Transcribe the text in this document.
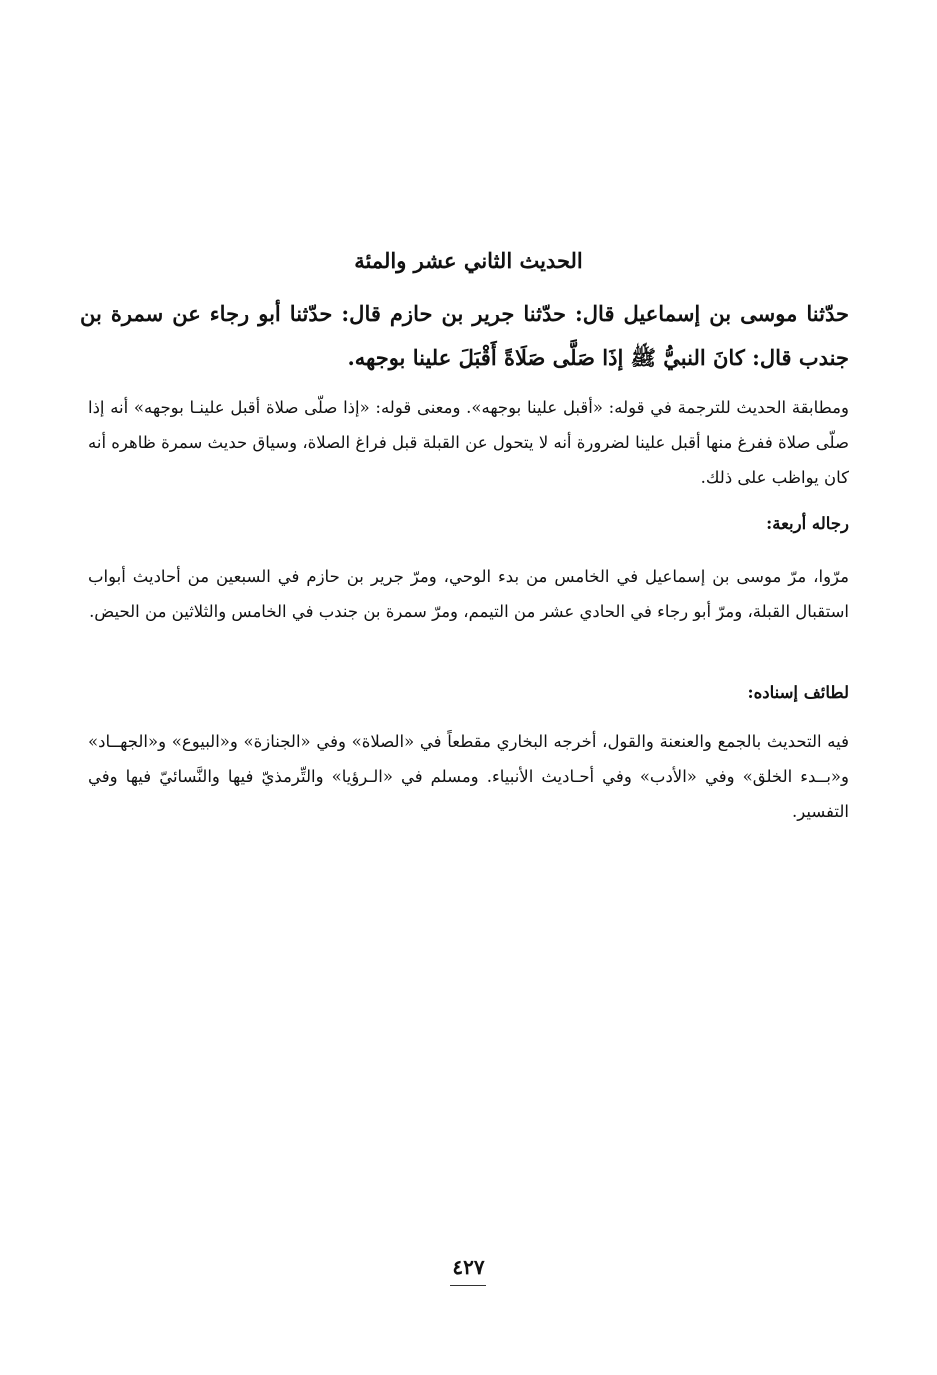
الحديث الثاني عشر والمئة

حدّثنا موسى بن إسماعيل قال: حدّثنا جرير بن حازم قال: حدّثنا أبو رجاء عن سمرة بن جندب قال: كانَ النبيُّ ﷺ إذَا صَلَّى صَلَاةً أَقْبَلَ علينا بوجهه.

ومطابقة الحديث للترجمة في قوله: «أقبل علينا بوجهه». ومعنى قوله: «إذا صلّى صلاة أقبل علينـا بوجهه» أنه إذا صلّى صلاة ففرغ منها أقبل علينا لضرورة أنه لا يتحول عن القبلة قبل فراغ الصلاة، وسياق حديث سمرة ظاهره أنه كان يواظب على ذلك.

رجاله أربعة:

مرّوا، مرّ موسى بن إسماعيل في الخامس من بدء الوحي، ومرّ جرير بن حازم في السبعين من أحاديث أبواب استقبال القبلة، ومرّ أبو رجاء في الحادي عشر من التيمم، ومرّ سمرة بن جندب في الخامس والثلاثين من الحيض.

لطائف إسناده:

فيه التحديث بالجمع والعنعنة والقول، أخرجه البخاري مقطعاً في «الصلاة» وفي «الجنازة» و«البيوع» و«الجهــاد» و«بــدء الخلق» وفي «الأدب» وفي أحـاديث الأنبياء. ومسلم في «الـرؤيا» والتِّرمذيّ فيها والنَّسائيّ فيها وفي التفسير.

٤٢٧
